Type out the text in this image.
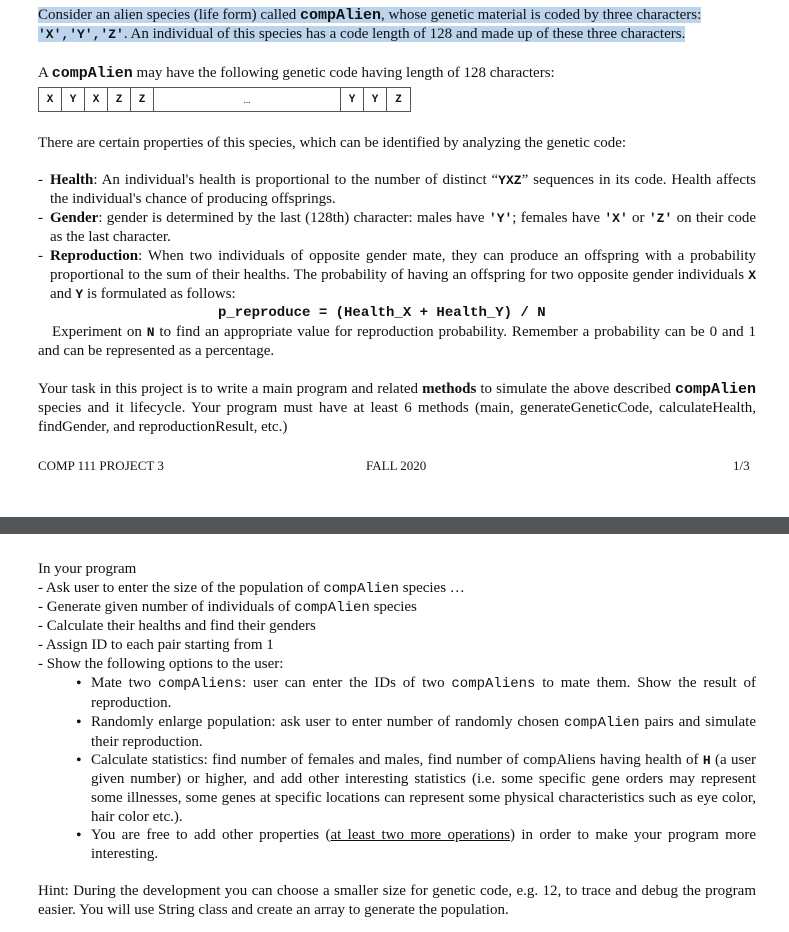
Consider an alien species (life form) called compAlien, whose genetic material is coded by three characters:
'X','Y','Z'. An individual of this species has a code length of 128 and made up of these three characters.
A compAlien may have the following genetic code having length of 128 characters:
X	Y	X	Z	Z	...	Y	Y	Z
There are certain properties of this species, which can be identified by analyzing the genetic code:
- Health: An individual's health is proportional to the number of distinct “YXZ” sequences in its code. Health affects the individual's chance of producing offsprings.
- Gender: gender is determined by the last (128th) character: males have 'Y'; females have 'X' or 'Z' on their code as the last character.
- Reproduction: When two individuals of opposite gender mate, they can produce an offspring with a probability proportional to the sum of their healths. The probability of having an offspring for two opposite gender individuals X and Y is formulated as follows:
p_reproduce = (Health_X + Health_Y) / N
Experiment on N to find an appropriate value for reproduction probability. Remember a probability can be 0 and 1 and can be represented as a percentage.
Your task in this project is to write a main program and related methods to simulate the above described compAlien species and it lifecycle. Your program must have at least 6 methods (main, generateGeneticCode, calculateHealth, findGender, and reproductionResult, etc.)
COMP 111 PROJECT 3	FALL 2020	1/3
In your program
- Ask user to enter the size of the population of compAlien species …
- Generate given number of individuals of compAlien species
- Calculate their healths and find their genders
- Assign ID to each pair starting from 1
- Show the following options to the user:
• Mate two compAliens: user can enter the IDs of two compAliens to mate them. Show the result of reproduction.
• Randomly enlarge population: ask user to enter number of randomly chosen compAlien pairs and simulate their reproduction.
• Calculate statistics: find number of females and males, find number of compAliens having health of H (a user given number) or higher, and add other interesting statistics (i.e. some specific gene orders may represent some illnesses, some genes at specific locations can represent some physical characteristics such as eye color, hair color etc.).
• You are free to add other properties (at least two more operations) in order to make your program more interesting.
Hint: During the development you can choose a smaller size for genetic code, e.g. 12, to trace and debug the program easier. You will use String class and create an array to generate the population.
